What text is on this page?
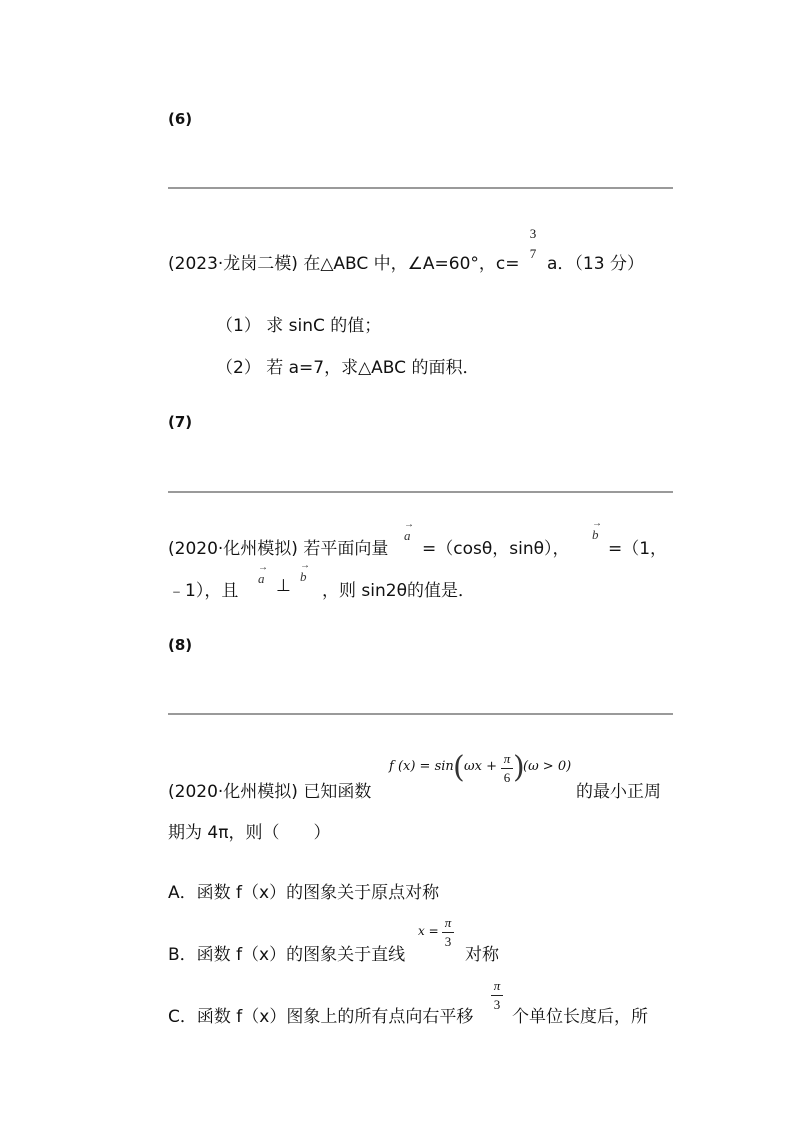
(6)
(2023·龙岗二模) 在△ABC 中，∠A=60°，c=
3
7
a．（13 分）
（1） 求 sinC 的值；
（2） 若 a=7，求△ABC 的面积．
(7)
(2020·化州模拟) 若平面向量
→
a
=（cosθ，sinθ），
→
b
=（1，
﹣1），且
→
a ⊥
→
b
，则 sin2θ的值是．
(8)
(2020·化州模拟) 已知函数
f (x) = sin ( ωx +
π
6 )
(ω > 0)
的最小正周
期为 4π，则（　　）
A．函数 f（x）的图象关于原点对称
B．函数 f（x）的图象关于直线
x =
π
3
对称
C．函数 f（x）图象上的所有点向右平移
π
3
个单位长度后，所
